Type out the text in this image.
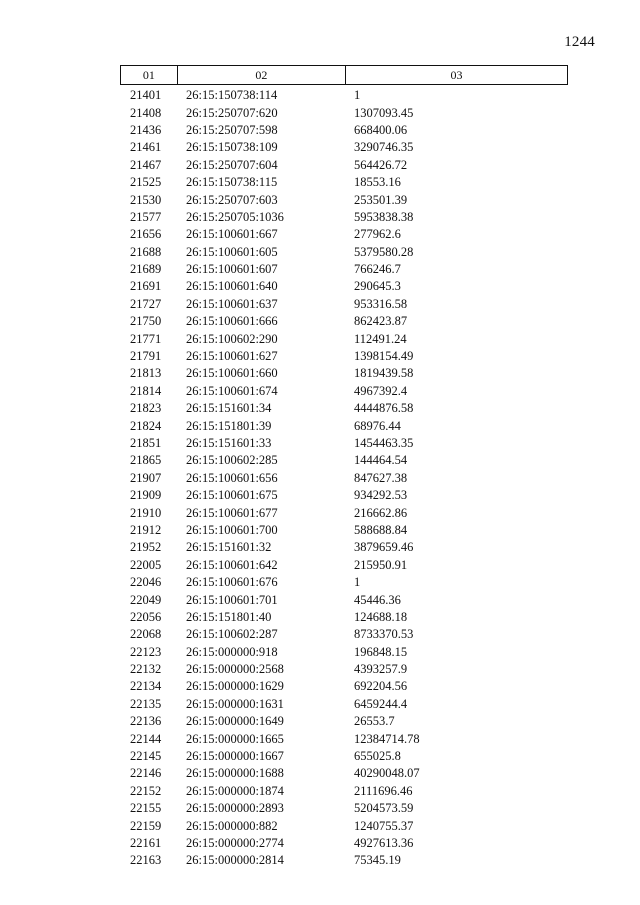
1244
01	02	03
21401	26:15:150738:114	1
21408	26:15:250707:620	1307093.45
21436	26:15:250707:598	668400.06
21461	26:15:150738:109	3290746.35
21467	26:15:250707:604	564426.72
21525	26:15:150738:115	18553.16
21530	26:15:250707:603	253501.39
21577	26:15:250705:1036	5953838.38
21656	26:15:100601:667	277962.6
21688	26:15:100601:605	5379580.28
21689	26:15:100601:607	766246.7
21691	26:15:100601:640	290645.3
21727	26:15:100601:637	953316.58
21750	26:15:100601:666	862423.87
21771	26:15:100602:290	112491.24
21791	26:15:100601:627	1398154.49
21813	26:15:100601:660	1819439.58
21814	26:15:100601:674	4967392.4
21823	26:15:151601:34	4444876.58
21824	26:15:151801:39	68976.44
21851	26:15:151601:33	1454463.35
21865	26:15:100602:285	144464.54
21907	26:15:100601:656	847627.38
21909	26:15:100601:675	934292.53
21910	26:15:100601:677	216662.86
21912	26:15:100601:700	588688.84
21952	26:15:151601:32	3879659.46
22005	26:15:100601:642	215950.91
22046	26:15:100601:676	1
22049	26:15:100601:701	45446.36
22056	26:15:151801:40	124688.18
22068	26:15:100602:287	8733370.53
22123	26:15:000000:918	196848.15
22132	26:15:000000:2568	4393257.9
22134	26:15:000000:1629	692204.56
22135	26:15:000000:1631	6459244.4
22136	26:15:000000:1649	26553.7
22144	26:15:000000:1665	12384714.78
22145	26:15:000000:1667	655025.8
22146	26:15:000000:1688	40290048.07
22152	26:15:000000:1874	2111696.46
22155	26:15:000000:2893	5204573.59
22159	26:15:000000:882	1240755.37
22161	26:15:000000:2774	4927613.36
22163	26:15:000000:2814	75345.19
